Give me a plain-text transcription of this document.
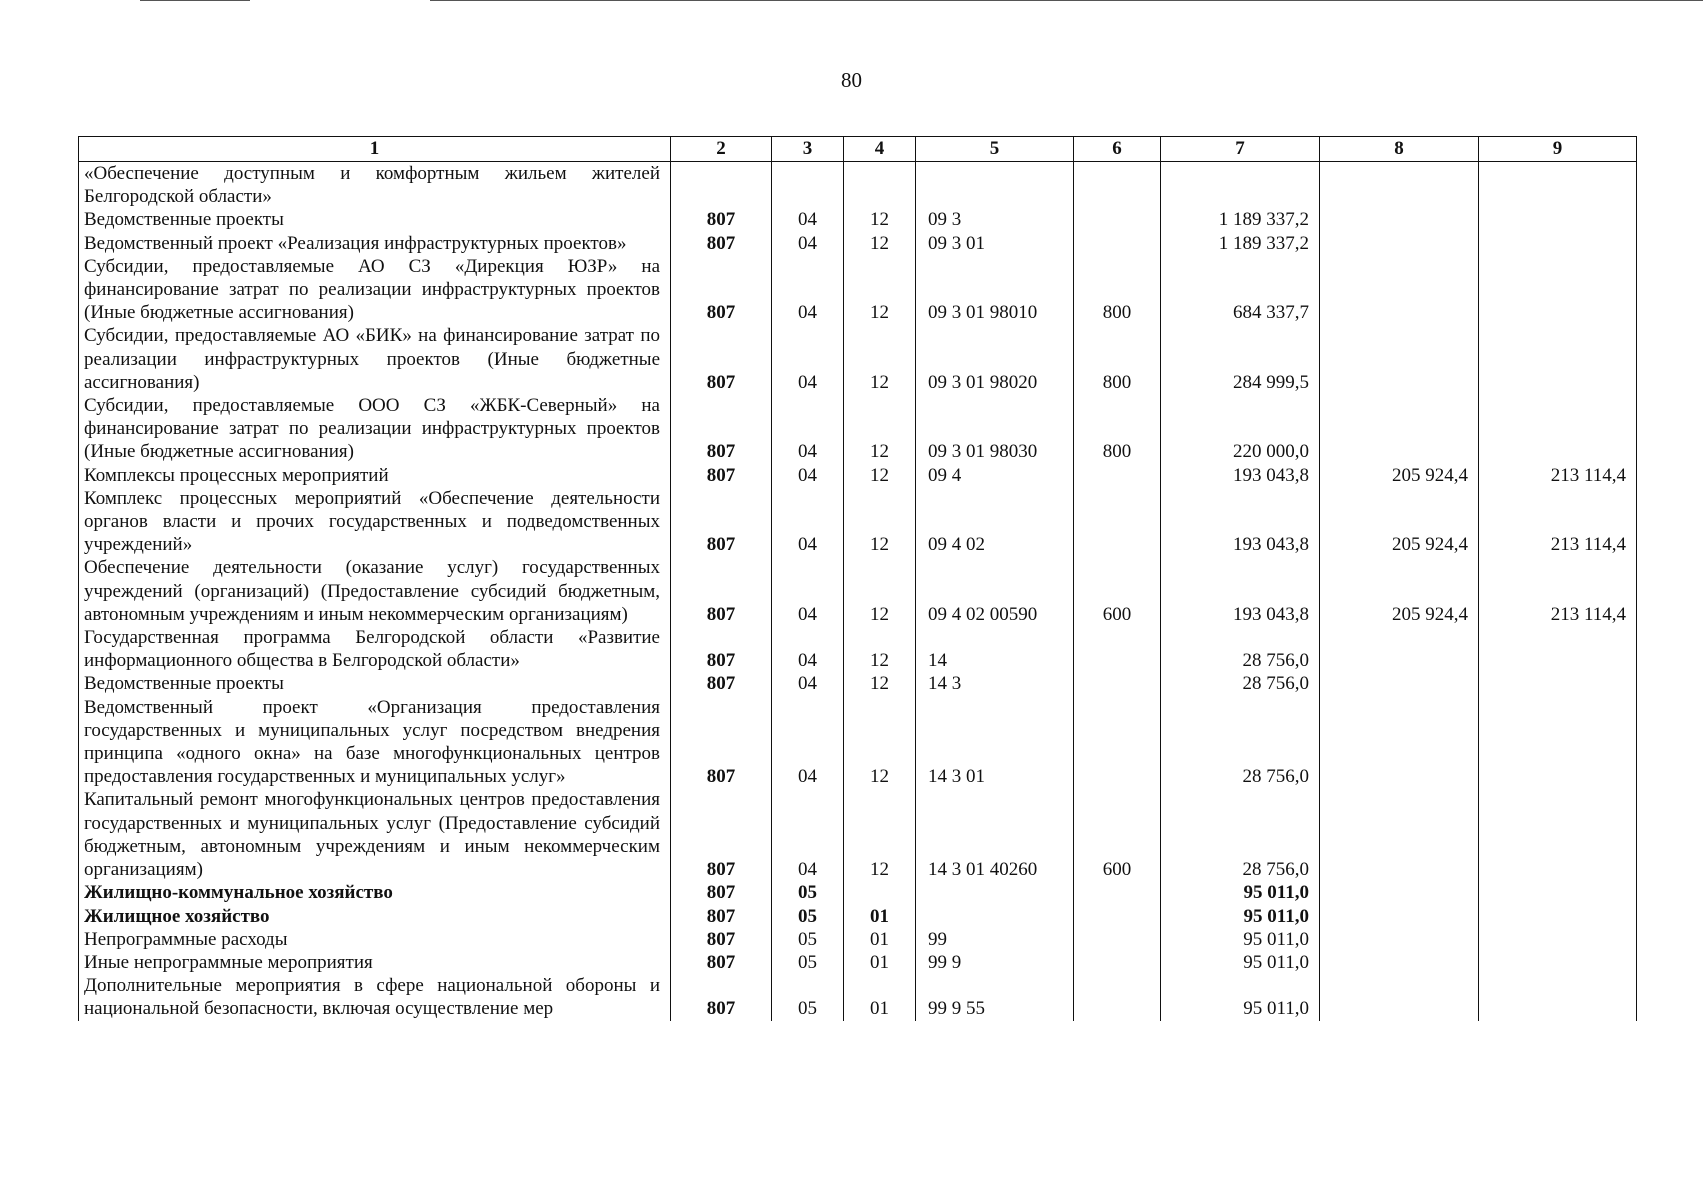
80
1	2	3	4	5	6	7	8	9
«Обеспечение доступным и комфортным жильем жителей Белгородской области»								
Ведомственные проекты	807	04	12	09 3		1 189 337,2		
Ведомственный проект «Реализация инфраструктурных проектов»	807	04	12	09 3 01		1 189 337,2		
Субсидии, предоставляемые АО СЗ «Дирекция ЮЗР» на финансирование затрат по реализации инфраструктурных проектов (Иные бюджетные ассигнования)	807	04	12	09 3 01 98010	800	684 337,7		
Субсидии, предоставляемые АО «БИК» на финансирование затрат по реализации инфраструктурных проектов (Иные бюджетные ассигнования)	807	04	12	09 3 01 98020	800	284 999,5		
Субсидии, предоставляемые ООО СЗ «ЖБК-Северный» на финансирование затрат по реализации инфраструктурных проектов (Иные бюджетные ассигнования)	807	04	12	09 3 01 98030	800	220 000,0		
Комплексы процессных мероприятий	807	04	12	09 4		193 043,8	205 924,4	213 114,4
Комплекс процессных мероприятий «Обеспечение деятельности органов власти и прочих государственных и подведомственных учреждений»	807	04	12	09 4 02		193 043,8	205 924,4	213 114,4
Обеспечение деятельности (оказание услуг) государственных учреждений (организаций) (Предоставление субсидий бюджетным, автономным учреждениям и иным некоммерческим организациям)	807	04	12	09 4 02 00590	600	193 043,8	205 924,4	213 114,4
Государственная программа Белгородской области «Развитие информационного общества в Белгородской области»	807	04	12	14		28 756,0		
Ведомственные проекты	807	04	12	14 3		28 756,0		
Ведомственный проект «Организация предоставления государственных и муниципальных услуг посредством внедрения принципа «одного окна» на базе многофункциональных центров предоставления государственных и муниципальных услуг»	807	04	12	14 3 01		28 756,0		
Капитальный ремонт многофункциональных центров предоставления государственных и муниципальных услуг (Предоставление субсидий бюджетным, автономным учреждениям и иным некоммерческим организациям)	807	04	12	14 3 01 40260	600	28 756,0		
Жилищно-коммунальное хозяйство	807	05				95 011,0		
Жилищное хозяйство	807	05	01			95 011,0		
Непрограммные расходы	807	05	01	99		95 011,0		
Иные непрограммные мероприятия	807	05	01	99 9		95 011,0		
Дополнительные мероприятия в сфере национальной обороны и национальной безопасности, включая осуществление мер	807	05	01	99 9 55		95 011,0		
